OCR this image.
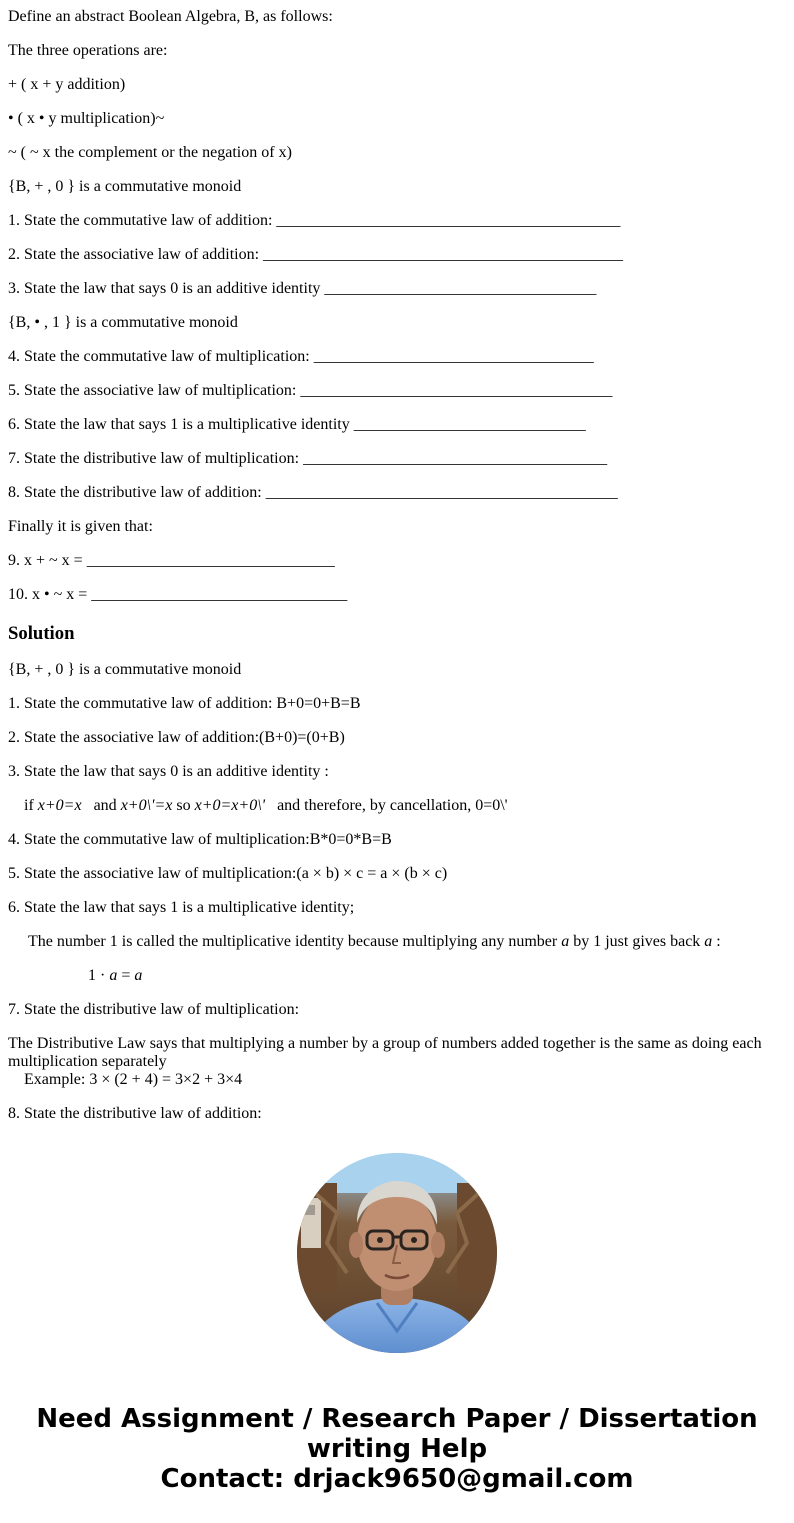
Define an abstract Boolean Algebra, B, as follows:

The three operations are:

+ ( x + y addition)

• ( x • y multiplication)~

~ ( ~ x the complement or the negation of x)

{B, + , 0 } is a commutative monoid

1. State the commutative law of addition: ___________________________________________

2. State the associative law of addition: _____________________________________________

3. State the law that says 0 is an additive identity __________________________________

{B, • , 1 } is a commutative monoid

4. State the commutative law of multiplication: ___________________________________

5. State the associative law of multiplication: _______________________________________

6. State the law that says 1 is a multiplicative identity _____________________________

7. State the distributive law of multiplication: ______________________________________

8. State the distributive law of addition: ____________________________________________

Finally it is given that:

9. x + ~ x = _______________________________

10. x • ~ x = ________________________________

Solution

{B, + , 0 } is a commutative monoid

1. State the commutative law of addition: B+0=0+B=B

2. State the associative law of addition:(B+0)=(0+B)

3. State the law that says 0 is an additive identity :

if x+0=x   and x+0\'=x so x+0=x+0\'   and therefore, by cancellation, 0=0\'

4. State the commutative law of multiplication:B*0=0*B=B

5. State the associative law of multiplication:(a × b) × c = a × (b × c)

6. State the law that says 1 is a multiplicative identity;

The number 1 is called the multiplicative identity because multiplying any number a by 1 just gives back a :

1 · a = a

7. State the distributive law of multiplication:

The Distributive Law says that multiplying a number by a group of numbers added together is the same as doing each multiplication separately

Example: 3 × (2 + 4) = 3×2 + 3×4

8. State the distributive law of addition:

Need Assignment / Research Paper / Dissertation
writing Help
Contact: drjack9650@gmail.com
